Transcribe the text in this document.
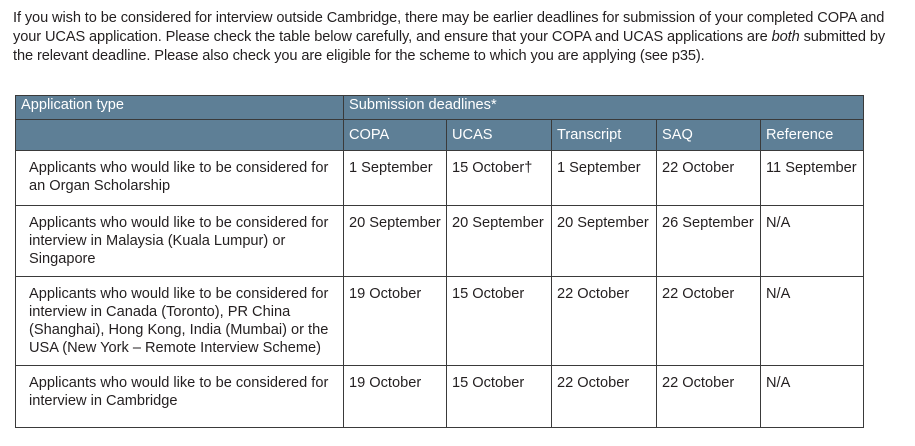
If you wish to be considered for interview outside Cambridge, there may be earlier deadlines for submission of your completed COPA and your UCAS application. Please check the table below carefully, and ensure that your COPA and UCAS applications are both submitted by the relevant deadline. Please also check you are eligible for the scheme to which you are applying (see p35).

Application type	Submission deadlines*				
	COPA	UCAS	Transcript	SAQ	Reference
Applicants who would like to be considered for an Organ Scholarship	1 September	15 October†	1 September	22 October	11 September
Applicants who would like to be considered for interview in Malaysia (Kuala Lumpur) or Singapore	20 September	20 September	20 September	26 September	N/A
Applicants who would like to be considered for interview in Canada (Toronto), PR China (Shanghai), Hong Kong, India (Mumbai) or the USA (New York – Remote Interview Scheme)	19 October	15 October	22 October	22 October	N/A
Applicants who would like to be considered for interview in Cambridge	19 October	15 October	22 October	22 October	N/A
